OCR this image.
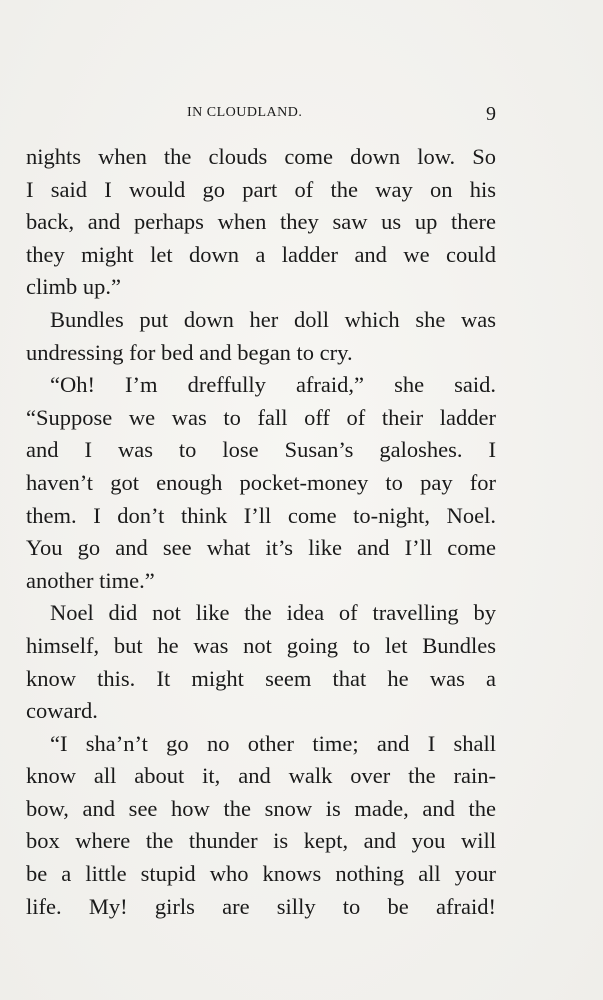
IN CLOUDLAND.	9
nights when the clouds come down low. So
I said I would go part of the way on his
back, and perhaps when they saw us up there
they might let down a ladder and we could
climb up.”
Bundles put down her doll which she was
undressing for bed and began to cry.
“Oh! I’m dreffully afraid,” she said.
“Suppose we was to fall off of their ladder
and I was to lose Susan’s galoshes. I
haven’t got enough pocket-money to pay for
them. I don’t think I’ll come to-night, Noel.
You go and see what it’s like and I’ll come
another time.”
Noel did not like the idea of travelling by
himself, but he was not going to let Bundles
know this. It might seem that he was a
coward.
“I sha’n’t go no other time; and I shall
know all about it, and walk over the rain-
bow, and see how the snow is made, and the
box where the thunder is kept, and you will
be a little stupid who knows nothing all your
life. My! girls are silly to be afraid!
